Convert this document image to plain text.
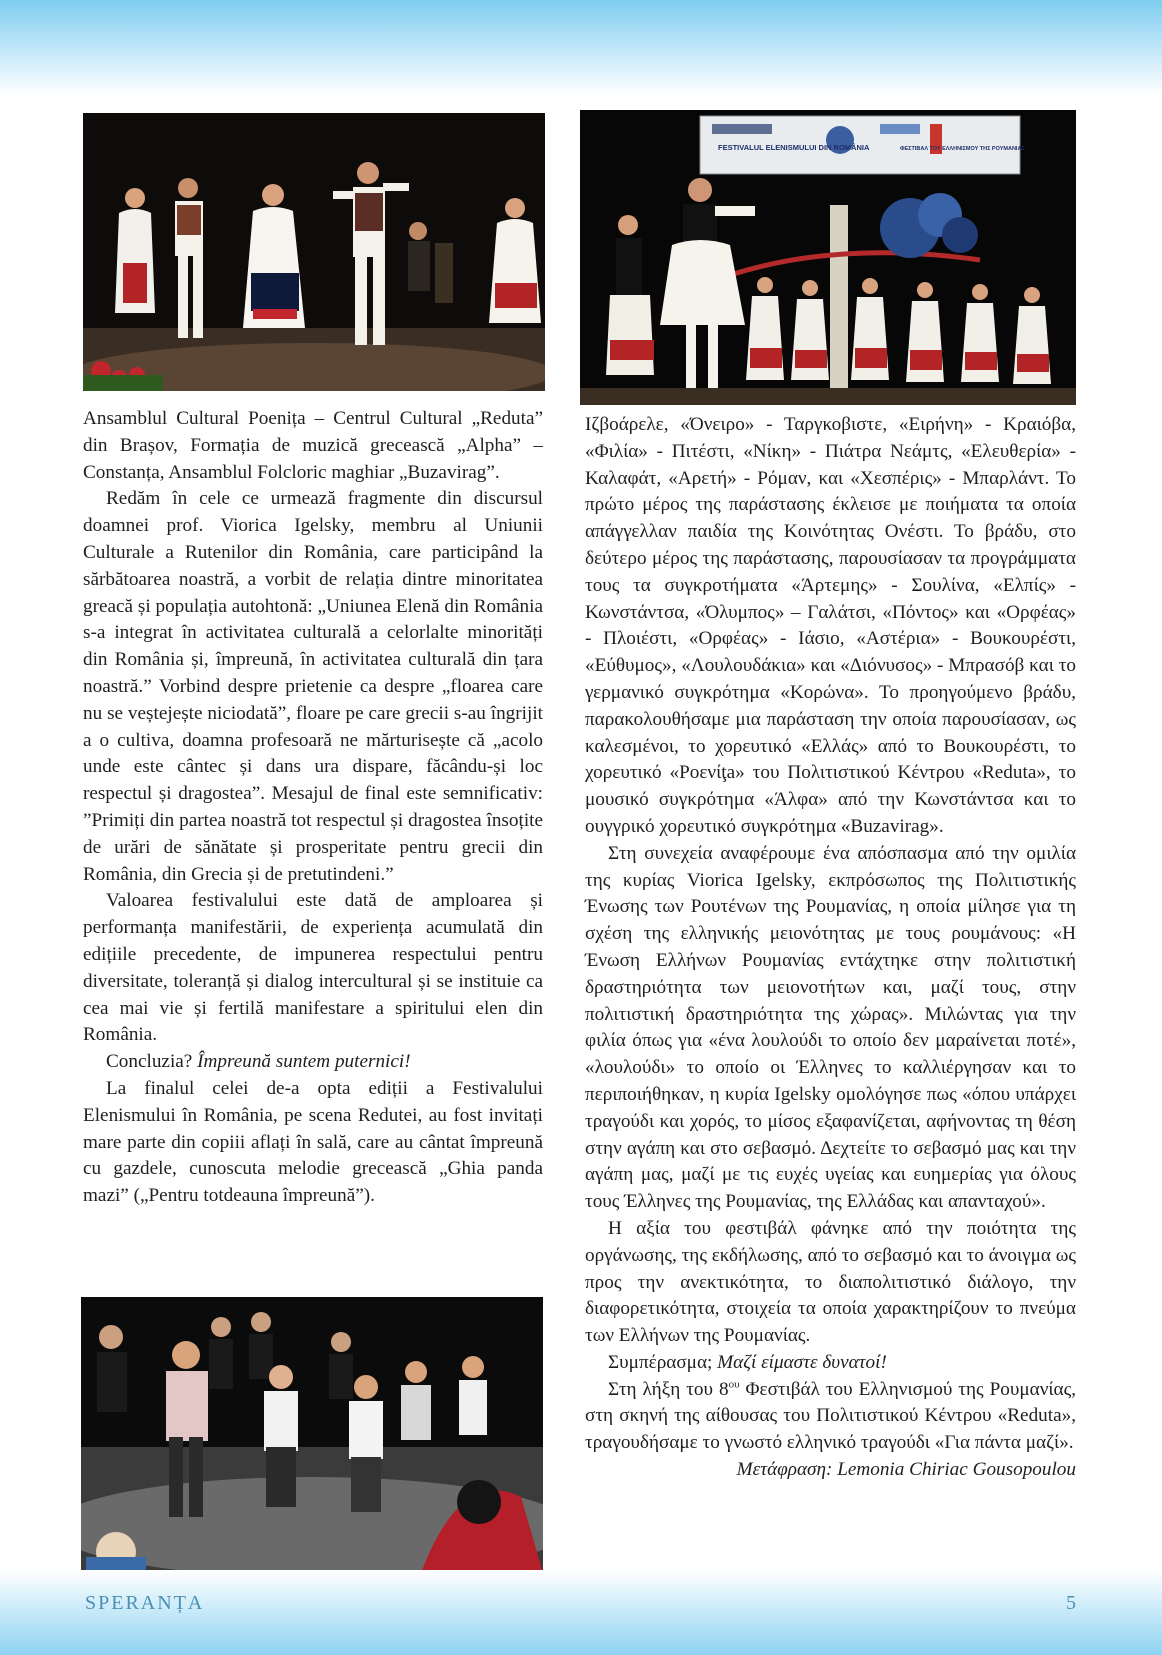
FESTIVALUL ELENISMULUI DIN ROMÂNIA	ΦΕΣΤΙΒΑΛ ΤΟΥ ΕΛΛΗΝΙΣΜΟΥ ΤΗΣ ΡΟΥΜΑΝΙΑΣ

Ansamblul Cultural Poenița – Centrul Cultural „Reduta” din Brașov, Formația de muzică grecească „Alpha” – Constanța, Ansamblul Folcloric maghiar „Buzavirag”.

Redăm în cele ce urmează fragmente din discursul doamnei prof. Viorica Igelsky, membru al Uniunii Culturale a Rutenilor din România, care participând la sărbătoarea noastră, a vorbit de relația dintre minoritatea greacă și populația autohtonă: „Uniunea Elenă din România s-a integrat în activitatea culturală a celorlalte minorități din România și, împreună, în activitatea culturală din țara noastră.” Vorbind despre prietenie ca despre „floarea care nu se veștejește niciodată”, floare pe care grecii s-au îngrijit a o cultiva, doamna profesoară ne mărturisește că „acolo unde este cântec și dans ura dispare, făcându-și loc respectul și dragostea”. Mesajul de final este semnificativ: ”Primiți din partea noastră tot respectul și dragostea însoțite de urări de sănătate și prosperitate pentru grecii din România, din Grecia și de pretutindeni.”

Valoarea festivalului este dată de amploarea și performanța manifestării, de experiența acumulată din edițiile precedente, de impunerea respectului pentru diversitate, toleranță și dialog intercultural și se instituie ca cea mai vie și fertilă manifestare a spiritului elen din România.

Concluzia? Împreună suntem puternici!

La finalul celei de-a opta ediții a Festivalului Elenismului în România, pe scena Redutei, au fost invitați mare parte din copiii aflați în sală, care au cântat împreună cu gazdele, cunoscuta melodie grecească „Ghia panda mazi” („Pentru totdeauna împreună”).

Ιζβοάρελε, «Όνειρο» - Ταργκοβιστε, «Ειρήνη» - Κραιόβα, «Φιλία» - Πιτέστι, «Νίκη» - Πιάτρα Νεάμτς, «Ελευθερία» - Καλαφάτ, «Αρετή» - Ρόμαν, και «Χεσπέρις» - Μπαρλάντ. Το πρώτο μέρος της παράστασης έκλεισε με ποιήματα τα οποία απάγγελλαν παιδία της Κοινότητας Ονέστι. Το βράδυ, στο δεύτερο μέρος της παράστασης, παρουσίασαν τα προγράμματα τους τα συγκροτήματα «Άρτεμης» - Σουλίνα, «Ελπίς» - Κωνστάντσα, «Όλυμπος» – Γαλάτσι, «Πόντος» και «Ορφέας» - Πλοιέστι, «Ορφέας» - Ιάσιο, «Αστέρια» - Βουκουρέστι, «Εύθυμος», «Λουλουδάκια» και «Διόνυσος» - Μπρασόβ και το γερμανικό συγκρότημα «Κορώνα». Το προηγούμενο βράδυ, παρακολουθήσαμε μια παράσταση την οποία παρουσίασαν, ως καλεσμένοι, το χορευτικό «Ελλάς» από το Βουκουρέστι, το χορευτικό «Ροενίţa» του Πολιτιστικού Κέντρου «Reduta», το μουσικό συγκρότημα «Άλφα» από την Κωνστάντσα και το ουγγρικό χορευτικό συγκρότημα «Buzavirag».

Στη συνεχεία αναφέρουμε ένα απόσπασμα από την ομιλία της κυρίας Viorica Igelsky, εκπρόσωπος της Πολιτιστικής Ένωσης των Ρουτένων της Ρουμανίας, η οποία μίλησε για τη σχέση της ελληνικής μειονότητας με τους ρουμάνους: «Η Ένωση Ελλήνων Ρουμανίας εντάχτηκε στην πολιτιστική δραστηριότητα των μειονοτήτων και, μαζί τους, στην πολιτιστική δραστηριότητα της χώρας». Μιλώντας για την φιλία όπως για «ένα λουλούδι το οποίο δεν μαραίνεται ποτέ», «λουλούδι» το οποίο οι Έλληνες το καλλιέργησαν και το περιποιήθηκαν, η κυρία Igelsky ομολόγησε πως «όπου υπάρχει τραγούδι και χορός, το μίσος εξαφανίζεται, αφήνοντας τη θέση στην αγάπη και στο σεβασμό. Δεχτείτε το σεβασμό μας και την αγάπη μας, μαζί με τις ευχές υγείας και ευημερίας για όλους τους Έλληνες της Ρουμανίας, της Ελλάδας και απανταχού».

Η αξία του φεστιβάλ φάνηκε από την ποιότητα της οργάνωσης, της εκδήλωσης, από το σεβασμό και το άνοιγμα ως προς την ανεκτικότητα, το διαπολιτιστικό διάλογο, την διαφορετικότητα, στοιχεία τα οποία χαρακτηρίζουν το πνεύμα των Ελλήνων της Ρουμανίας.

Συμπέρασμα; Μαζί είμαστε δυνατοί!

Στη λήξη του $8^{o\upsilon}$ Φεστιβάλ του Ελληνισμού της Ρουμανίας, στη σκηνή της αίθουσας του Πολιτιστικού Κέντρου «Reduta», τραγουδήσαμε το γνωστό ελληνικό τραγούδι «Για πάντα μαζί».

Μετάφραση: Lemonia Chiriac Gousopoulou

SPERANȚA	5
